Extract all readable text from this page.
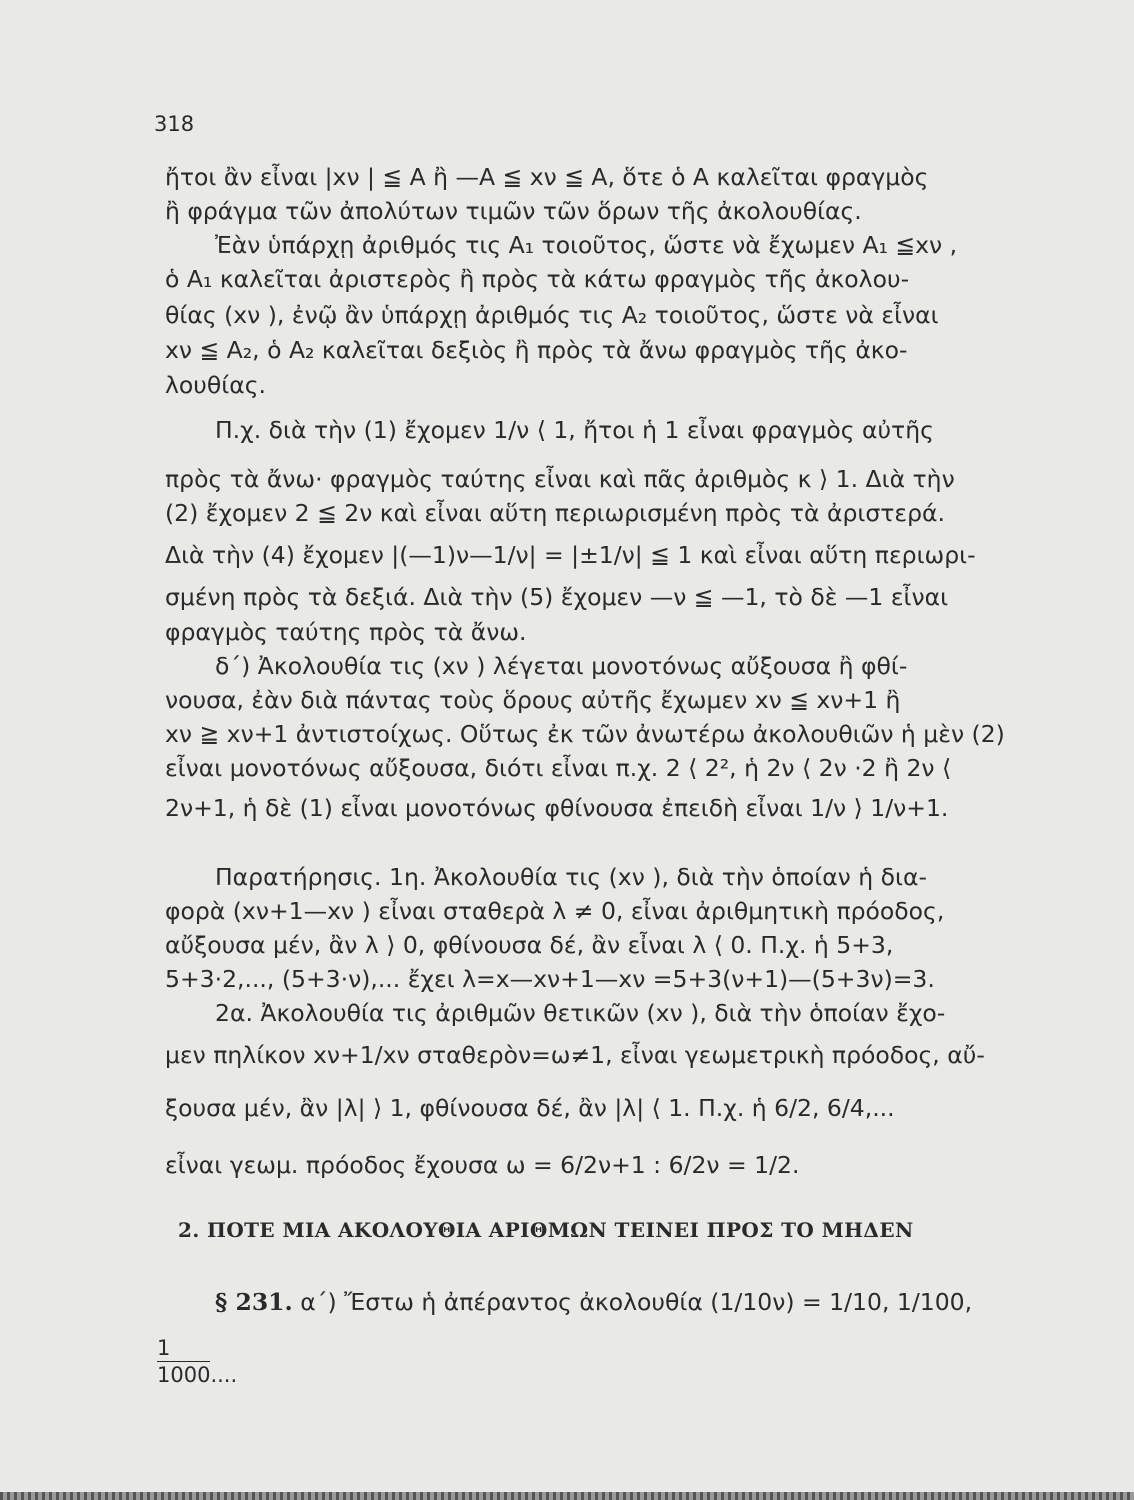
318
ἤτοι ἂν εἶναι |xν | ≦ A ἢ —A ≦ xν ≦ A, ὅτε ὁ A καλεῖται φραγμὸς
ἢ φράγμα τῶν ἀπολύτων τιμῶν τῶν ὅρων τῆς ἀκολουθίας.
Ἐὰν ὑπάρχῃ ἀριθμός τις A₁ τοιοῦτος, ὥστε νὰ ἔχωμεν A₁ ≦xν ,
ὁ A₁ καλεῖται ἀριστερὸς ἢ πρὸς τὰ κάτω φραγμὸς τῆς ἀκολου-
θίας (xν ), ἐνῷ ἂν ὑπάρχῃ ἀριθμός τις A₂ τοιοῦτος, ὥστε νὰ εἶναι
xν ≦ A₂, ὁ A₂ καλεῖται δεξιὸς ἢ πρὸς τὰ ἄνω φραγμὸς τῆς ἀκο-
λουθίας.
Π.χ. διὰ τὴν (1) ἔχομεν 1/ν ⟨ 1, ἤτοι ἡ 1 εἶναι φραγμὸς αὐτῆς
πρὸς τὰ ἄνω· φραγμὸς ταύτης εἶναι καὶ πᾶς ἀριθμὸς κ ⟩ 1. Διὰ τὴν
(2) ἔχομεν 2 ≦ 2ν καὶ εἶναι αὕτη περιωρισμένη πρὸς τὰ ἀριστερά.
Διὰ τὴν (4) ἔχομεν |(—1)ν—1/ν| = |±1/ν| ≦ 1 καὶ εἶναι αὕτη περιωρι-
σμένη πρὸς τὰ δεξιά. Διὰ τὴν (5) ἔχομεν —ν ≦ —1, τὸ δὲ —1 εἶναι
φραγμὸς ταύτης πρὸς τὰ ἄνω.
δ΄) Ἀκολουθία τις (xν ) λέγεται μονοτόνως αὔξουσα ἢ φθί-
νουσα, ἐὰν διὰ πάντας τοὺς ὅρους αὐτῆς ἔχωμεν xν ≦ xν+1 ἢ
xν ≧ xν+1 ἀντιστοίχως. Οὕτως ἐκ τῶν ἀνωτέρω ἀκολουθιῶν ἡ μὲν (2)
εἶναι μονοτόνως αὔξουσα, διότι εἶναι π.χ. 2 ⟨ 2², ἡ 2ν ⟨ 2ν ·2 ἢ 2ν ⟨
2ν+1, ἡ δὲ (1) εἶναι μονοτόνως φθίνουσα ἐπειδὴ εἶναι 1/ν ⟩ 1/ν+1.
Παρατήρησις. 1η. Ἀκολουθία τις (xν ), διὰ τὴν ὁποίαν ἡ δια-
φορὰ (xν+1—xν ) εἶναι σταθερὰ λ ≠ 0, εἶναι ἀριθμητικὴ πρόοδος,
αὔξουσα μέν, ἂν λ ⟩ 0, φθίνουσα δέ, ἂν εἶναι λ ⟨ 0. Π.χ. ἡ 5+3,
5+3·2,..., (5+3·ν),... ἔχει λ=x—xν+1—xν =5+3(ν+1)—(5+3ν)=3.
2α. Ἀκολουθία τις ἀριθμῶν θετικῶν (xν ), διὰ τὴν ὁποίαν ἔχο-
μεν πηλίκον xν+1/xν σταθερὸν=ω≠1, εἶναι γεωμετρικὴ πρόοδος, αὔ-
ξουσα μέν, ἂν |λ| ⟩ 1, φθίνουσα δέ, ἂν |λ| ⟨ 1. Π.χ. ἡ 6/2, 6/4,...
εἶναι γεωμ. πρόοδος ἔχουσα ω = 6/2ν+1 : 6/2ν = 1/2.
2. ΠΟΤΕ ΜΙΑ ΑΚΟΛΟΥΘΙΑ ΑΡΙΘΜΩΝ ΤΕΙΝΕΙ ΠΡΟΣ ΤΟ ΜΗΔΕΝ
§ 231. α΄) Ἔστω ἡ ἀπέραντος ἀκολουθία (1/10ν) = 1/10, 1/100,
1
1000....
